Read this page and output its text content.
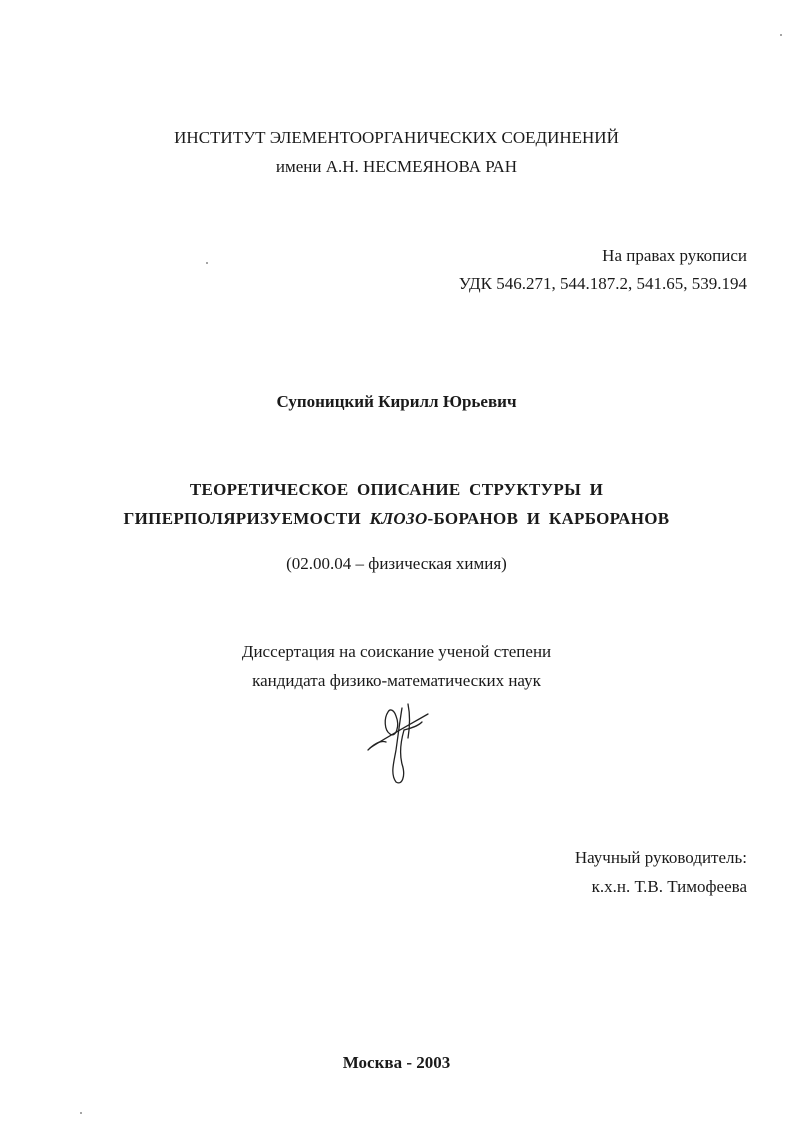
ИНСТИТУТ ЭЛЕМЕНТООРГАНИЧЕСКИХ СОЕДИНЕНИЙ
имени А.Н. НЕСМЕЯНОВА РАН
На правах рукописи
УДК 546.271, 544.187.2, 541.65, 539.194
Супоницкий Кирилл Юрьевич
ТЕОРЕТИЧЕСКОЕ ОПИСАНИЕ СТРУКТУРЫ И
ГИПЕРПОЛЯРИЗУЕМОСТИ КЛОЗО-БОРАНОВ И КАРБОРАНОВ
(02.00.04 – физическая химия)
Диссертация на соискание ученой степени
кандидата физико-математических наук
Научный руководитель:
к.х.н. Т.В. Тимофеева
Москва - 2003
